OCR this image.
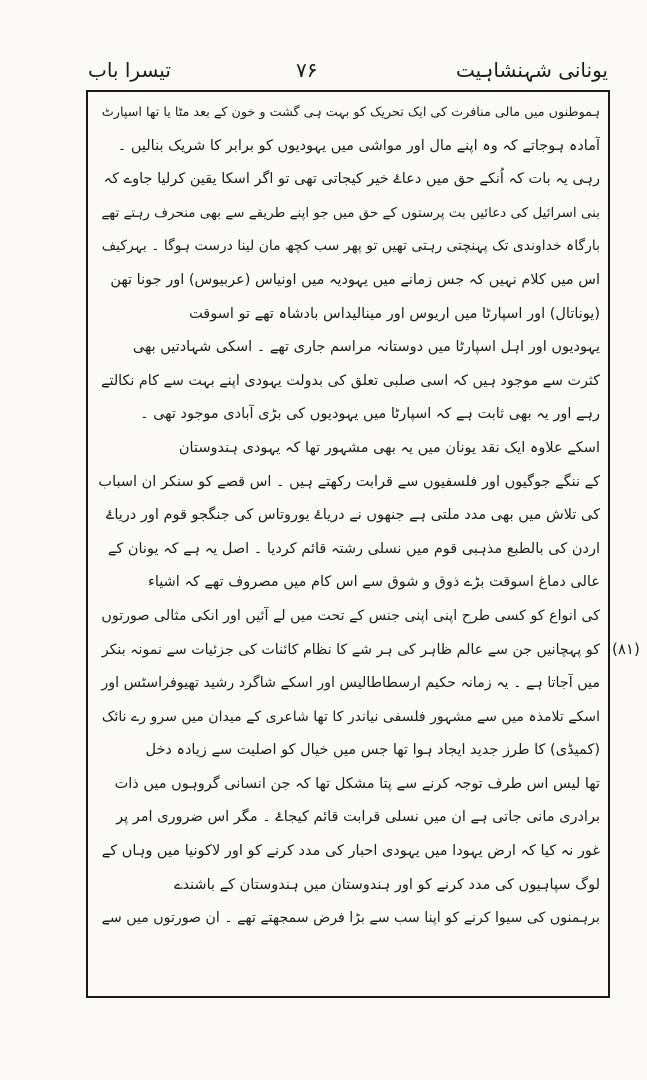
تیسرا باب	۷۶	یونانی شہنشاہیت
ہموطنوں میں مالی منافرت کی ایک تحریک کو بہت ہی گشت و خون کے بعد مٹا یا تھا اسپارٹ
آمادہ ہوجاتے کہ وہ اپنے مال اور مواشی میں یہودیوں کو برابر کا شریک بنالیں ۔
رہی یہ بات کہ اُنکے حق میں دعاۓ خیر کیجاتی تھی تو اگر اسکا یقین کرلیا جاوے کہ
بنی اسرائیل کی دعائیں بت پرستوں کے حق میں جو اپنے طریقے سے بھی منحرف رہتے تھے
بارگاہ خداوندی تک پہنچتی رہتی تھیں تو پھر سب کچھ مان لینا درست ہوگا ۔ بہرکیف
اس میں کلام نہیں کہ جس زمانے میں یہودیہ میں اونیاس (عربیوس) اور جونا تھن
(یوناتال) اور اسپارٹا میں اریوس اور مینالیداس بادشاہ تھے تو اسوقت
یہودیوں اور اہل اسپارٹا میں دوستانہ مراسم جاری تھے ۔ اسکی شہادتیں بھی
کثرت سے موجود ہیں کہ اسی صلبی تعلق کی بدولت یہودی اپنے بہت سے کام نکالتے
رہے اور یہ بھی ثابت ہے کہ اسپارٹا میں یہودیوں کی بڑی آبادی موجود تھی ۔
اسکے علاوہ ایک نقد یونان میں یہ بھی مشہور تھا کہ یہودی ہندوستان
کے ننگے جوگیوں اور فلسفیوں سے قرابت رکھتے ہیں ۔ اس قصے کو سنکر ان اسباب
کی تلاش میں بھی مدد ملتی ہے جنھوں نے دریاۓ یوروتاس کی جنگجو قوم اور دریاۓ
اردن کی بالطبع مذہبی قوم میں نسلی رشتہ قائم کردیا ۔ اصل یہ ہے کہ یونان کے
عالی دماغ اسوقت بڑے ذوق و شوق سے اس کام میں مصروف تھے کہ اشیاء
کی انواع کو کسی طرح اپنی اپنی جنس کے تحت میں لے آئیں اور انکی مثالی صورتوں
کو پہچانیں جن سے عالم ظاہر کی ہر شے کا نظام کائنات کی جزئیات سے نمونہ بنکر
میں آجاتا ہے ۔ یہ زمانہ حکیم ارسطاطالیس اور اسکے شاگرد رشید تھیوفراسٹس اور
اسکے تلامذہ میں سے مشہور فلسفی نیاندر کا تھا شاعری کے میدان میں سرو رے نائک
(کمیڈی) کا طرز جدید ایجاد ہوا تھا جس میں خیال کو اصلیت سے زیادہ دخل
تھا لیس اس طرف توجہ کرنے سے پتا مشکل تھا کہ جن انسانی گروہوں میں ذات
برادری مانی جاتی ہے ان میں نسلی قرابت قائم کیجاۓ ۔ مگر اس ضروری امر پر
غور نہ کیا کہ ارض یہودا میں یہودی احبار کی مدد کرنے کو اور لاکونیا میں وہاں کے
لوگ سپاہیوں کی مدد کرنے کو اور ہندوستان میں ہندوستان کے باشندے
برہمنوں کی سیوا کرنے کو اپنا سب سے بڑا فرض سمجھتے تھے ۔ ان صورتوں میں سے
(۸۱)
